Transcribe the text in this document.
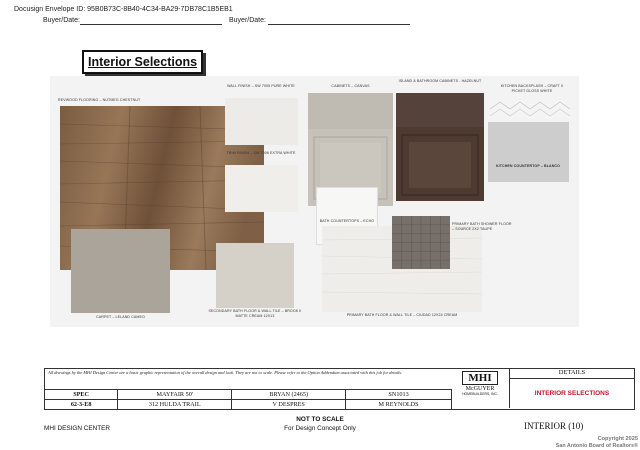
Docusign Envelope ID: 95B0B73C-8B40-4C34-BA29-7DB78C1B5EB1
Buyer/Date:	Buyer/Date:
Interior Selections
REVWOOD FLOORING – NUTMEG CHESTNUT
WALL FINISH – SW 7005 PURE WHITE
TRIM FINISH – SW 7006 EXTRA WHITE
CABINETS – CANVAS
ISLAND & BATHROOM CABINETS - HAZELNUT
KITCHEN BACKSPLASH – CRAFT II PICKET GLOSS WHITE
KITCHEN COUNTERTOP – BLANCO
BATH COUNTERTOPS – ECHO
PRIMARY BATH FLOOR & WALL TILE – CIUDAD 12X24 CREAM
PRIMARY BATH SHOWER FLOOR – SOURCE 2X2 TAUPE
CARPET – LELAND CAMEO
SECONDARY BATH FLOOR & WALL TILE – BROOK II MATTE CREAM 12X13
All drawings by the MHI Design Center are a basic graphic representation of the overall design and look. They are not to scale. Please refer to the Option Addendum associated with this job for details.
SPEC	MAYFAIR 50'	BRYAN (2465)	SN1013
62-3-E8	312 HULDA TRAIL	V DESPRES	M REYNOLDS
MHI
McGUYER
HOMEBUILDERS, INC.
DETAILS
INTERIOR SELECTIONS
MHI DESIGN CENTER
NOT TO SCALE
For Design Concept Only	INTERIOR (10)
Copyright 2025
San Antonio Board of Realtors®
